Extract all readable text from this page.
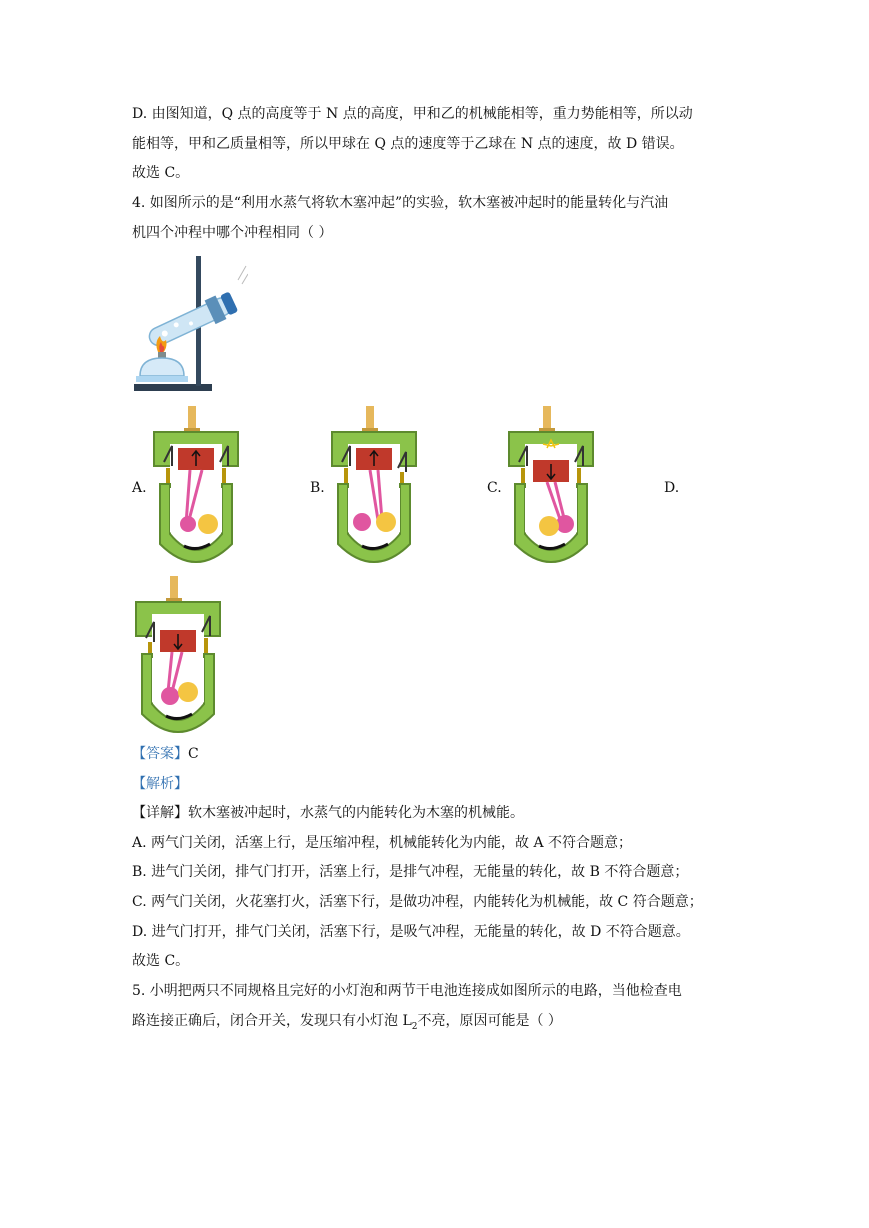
D. 由图知道，Q 点的高度等于 N 点的高度，甲和乙的机械能相等，重力势能相等，所以动
能相等，甲和乙质量相等，所以甲球在 Q 点的速度等于乙球在 N 点的速度，故 D 错误。
故选 C。
4. 如图所示的是“利用水蒸气将软木塞冲起”的实验，软木塞被冲起时的能量转化与汽油
机四个冲程中哪个冲程相同（ ）
A.	B.	C.	D.
【答案】C
【解析】
【详解】软木塞被冲起时，水蒸气的内能转化为木塞的机械能。
A. 两气门关闭，活塞上行，是压缩冲程，机械能转化为内能，故 A 不符合题意；
B. 进气门关闭，排气门打开，活塞上行，是排气冲程，无能量的转化，故 B 不符合题意；
C. 两气门关闭，火花塞打火，活塞下行，是做功冲程，内能转化为机械能，故 C 符合题意；
D. 进气门打开，排气门关闭，活塞下行，是吸气冲程，无能量的转化，故 D 不符合题意。
故选 C。
5. 小明把两只不同规格且完好的小灯泡和两节干电池连接成如图所示的电路，当他检查电
路连接正确后，闭合开关，发现只有小灯泡 $L_2$不亮，原因可能是（ ）
